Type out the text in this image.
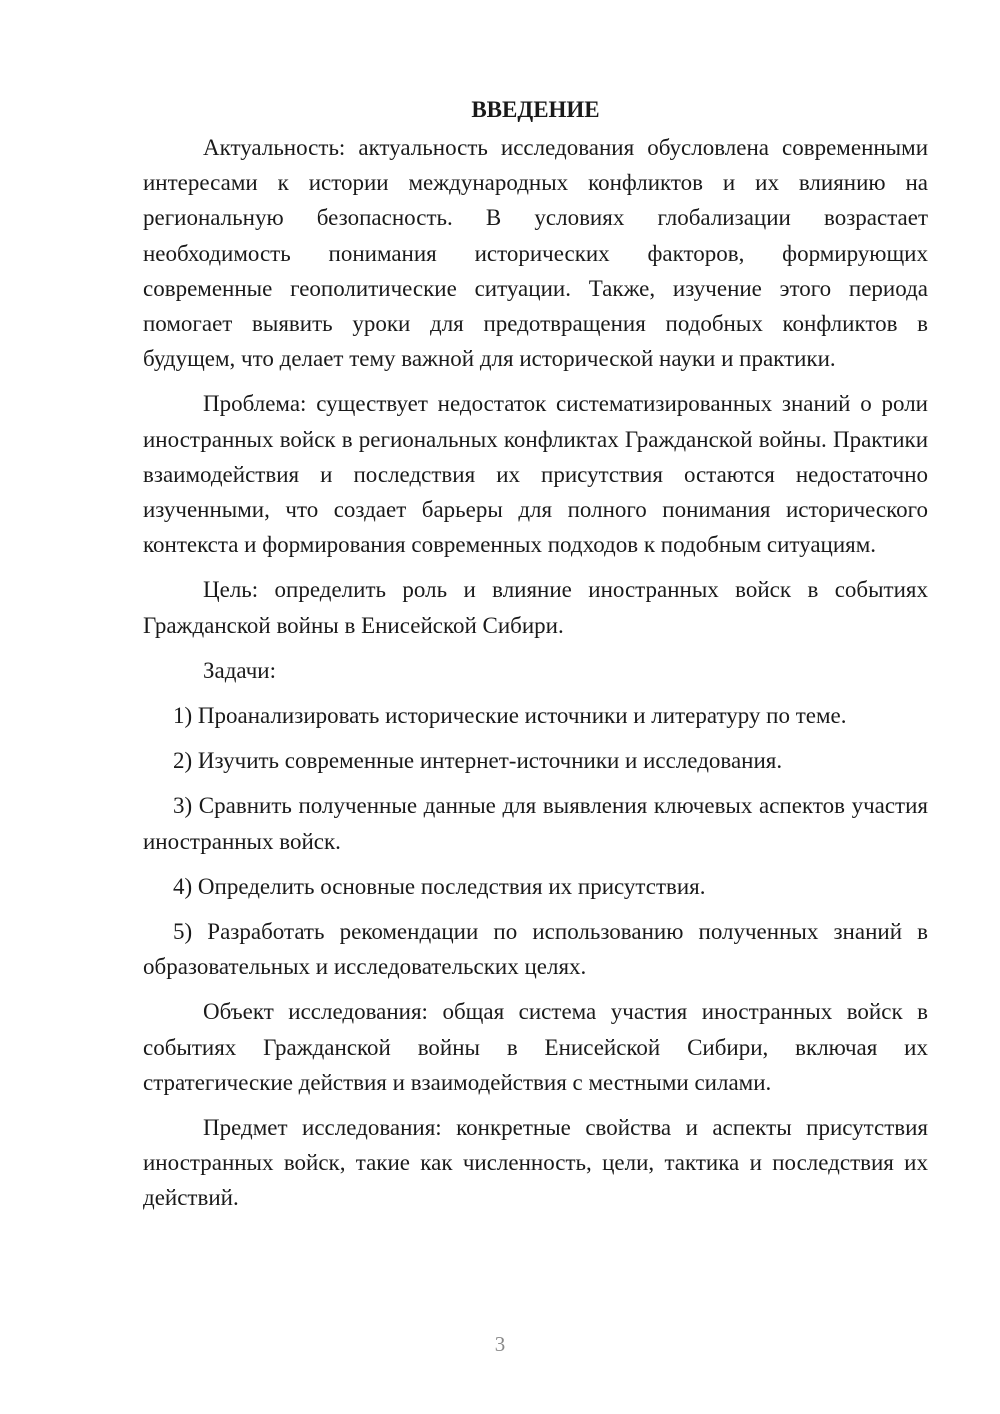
ВВЕДЕНИЕ

Актуальность: актуальность исследования обусловлена современными интересами к истории международных конфликтов и их влиянию на региональную безопасность. В условиях глобализации возрастает необходимость понимания исторических факторов, формирующих современные геополитические ситуации. Также, изучение этого периода помогает выявить уроки для предотвращения подобных конфликтов в будущем, что делает тему важной для исторической науки и практики.

Проблема: существует недостаток систематизированных знаний о роли иностранных войск в региональных конфликтах Гражданской войны. Практики взаимодействия и последствия их присутствия остаются недостаточно изученными, что создает барьеры для полного понимания исторического контекста и формирования современных подходов к подобным ситуациям.

Цель: определить роль и влияние иностранных войск в событиях Гражданской войны в Енисейской Сибири.

Задачи:

1) Проанализировать исторические источники и литературу по теме.

2) Изучить современные интернет-источники и исследования.

3) Сравнить полученные данные для выявления ключевых аспектов участия иностранных войск.

4) Определить основные последствия их присутствия.

5) Разработать рекомендации по использованию полученных знаний в образовательных и исследовательских целях.

Объект исследования: общая система участия иностранных войск в событиях Гражданской войны в Енисейской Сибири, включая их стратегические действия и взаимодействия с местными силами.

Предмет исследования: конкретные свойства и аспекты присутствия иностранных войск, такие как численность, цели, тактика и последствия их действий.

3
